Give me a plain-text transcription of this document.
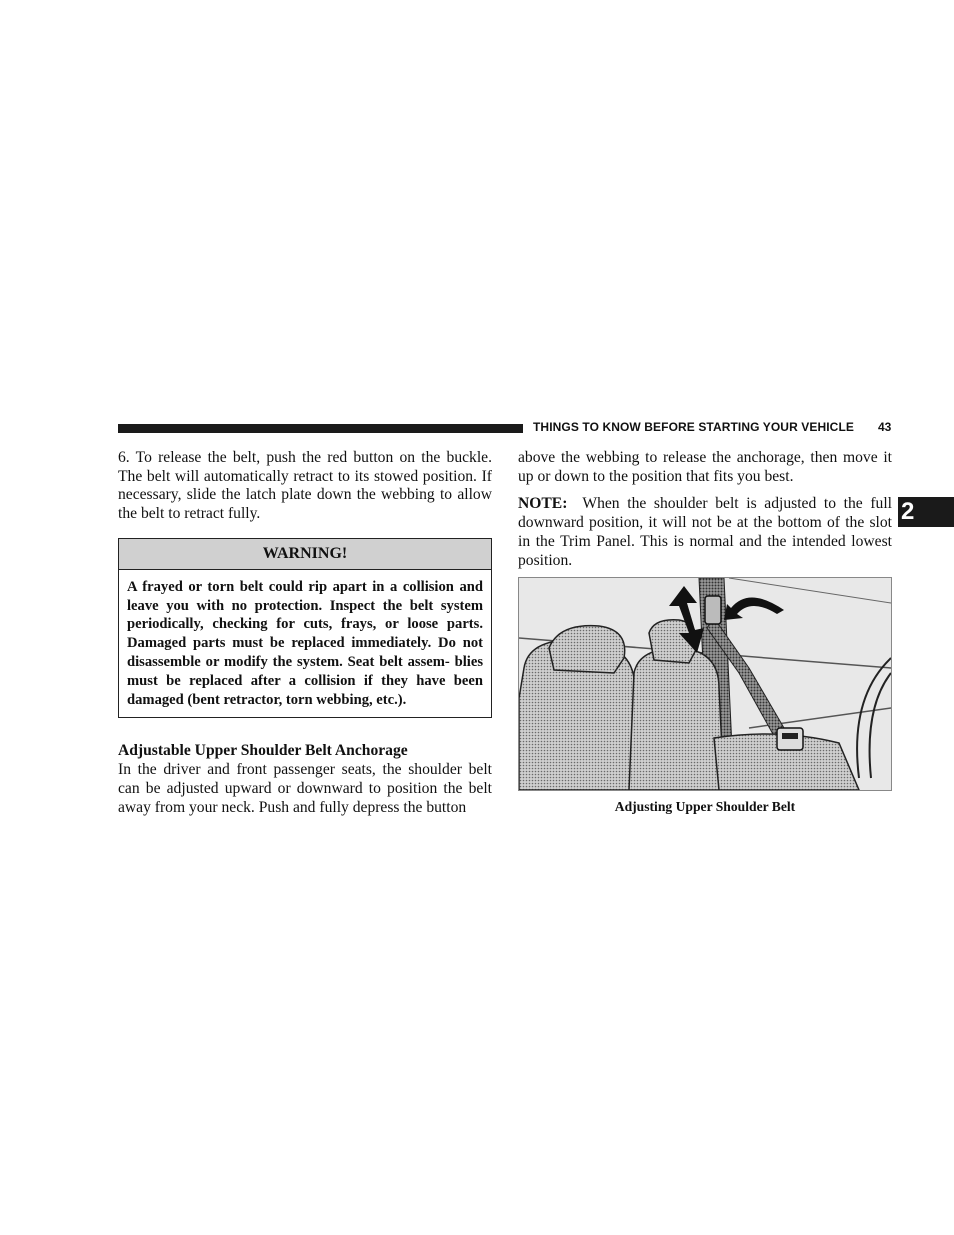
THINGS TO KNOW BEFORE STARTING YOUR VEHICLE 43
2

6. To release the belt, push the red button on the buckle. The belt will automatically retract to its stowed position. If necessary, slide the latch plate down the webbing to allow the belt to retract fully.

WARNING!
A frayed or torn belt could rip apart in a collision and leave you with no protection. Inspect the belt system periodically, checking for cuts, frays, or loose parts. Damaged parts must be replaced immediately. Do not disassemble or modify the system. Seat belt assem- blies must be replaced after a collision if they have been damaged (bent retractor, torn webbing, etc.).
Adjustable Upper Shoulder Belt Anchorage

In the driver and front passenger seats, the shoulder belt can be adjusted upward or downward to position the belt away from your neck. Push and fully depress the button

above the webbing to release the anchorage, then move it up or down to the position that fits you best.

NOTE: When the shoulder belt is adjusted to the full downward position, it will not be at the bottom of the slot in the Trim Panel. This is normal and the intended lowest position.

Adjusting Upper Shoulder Belt
